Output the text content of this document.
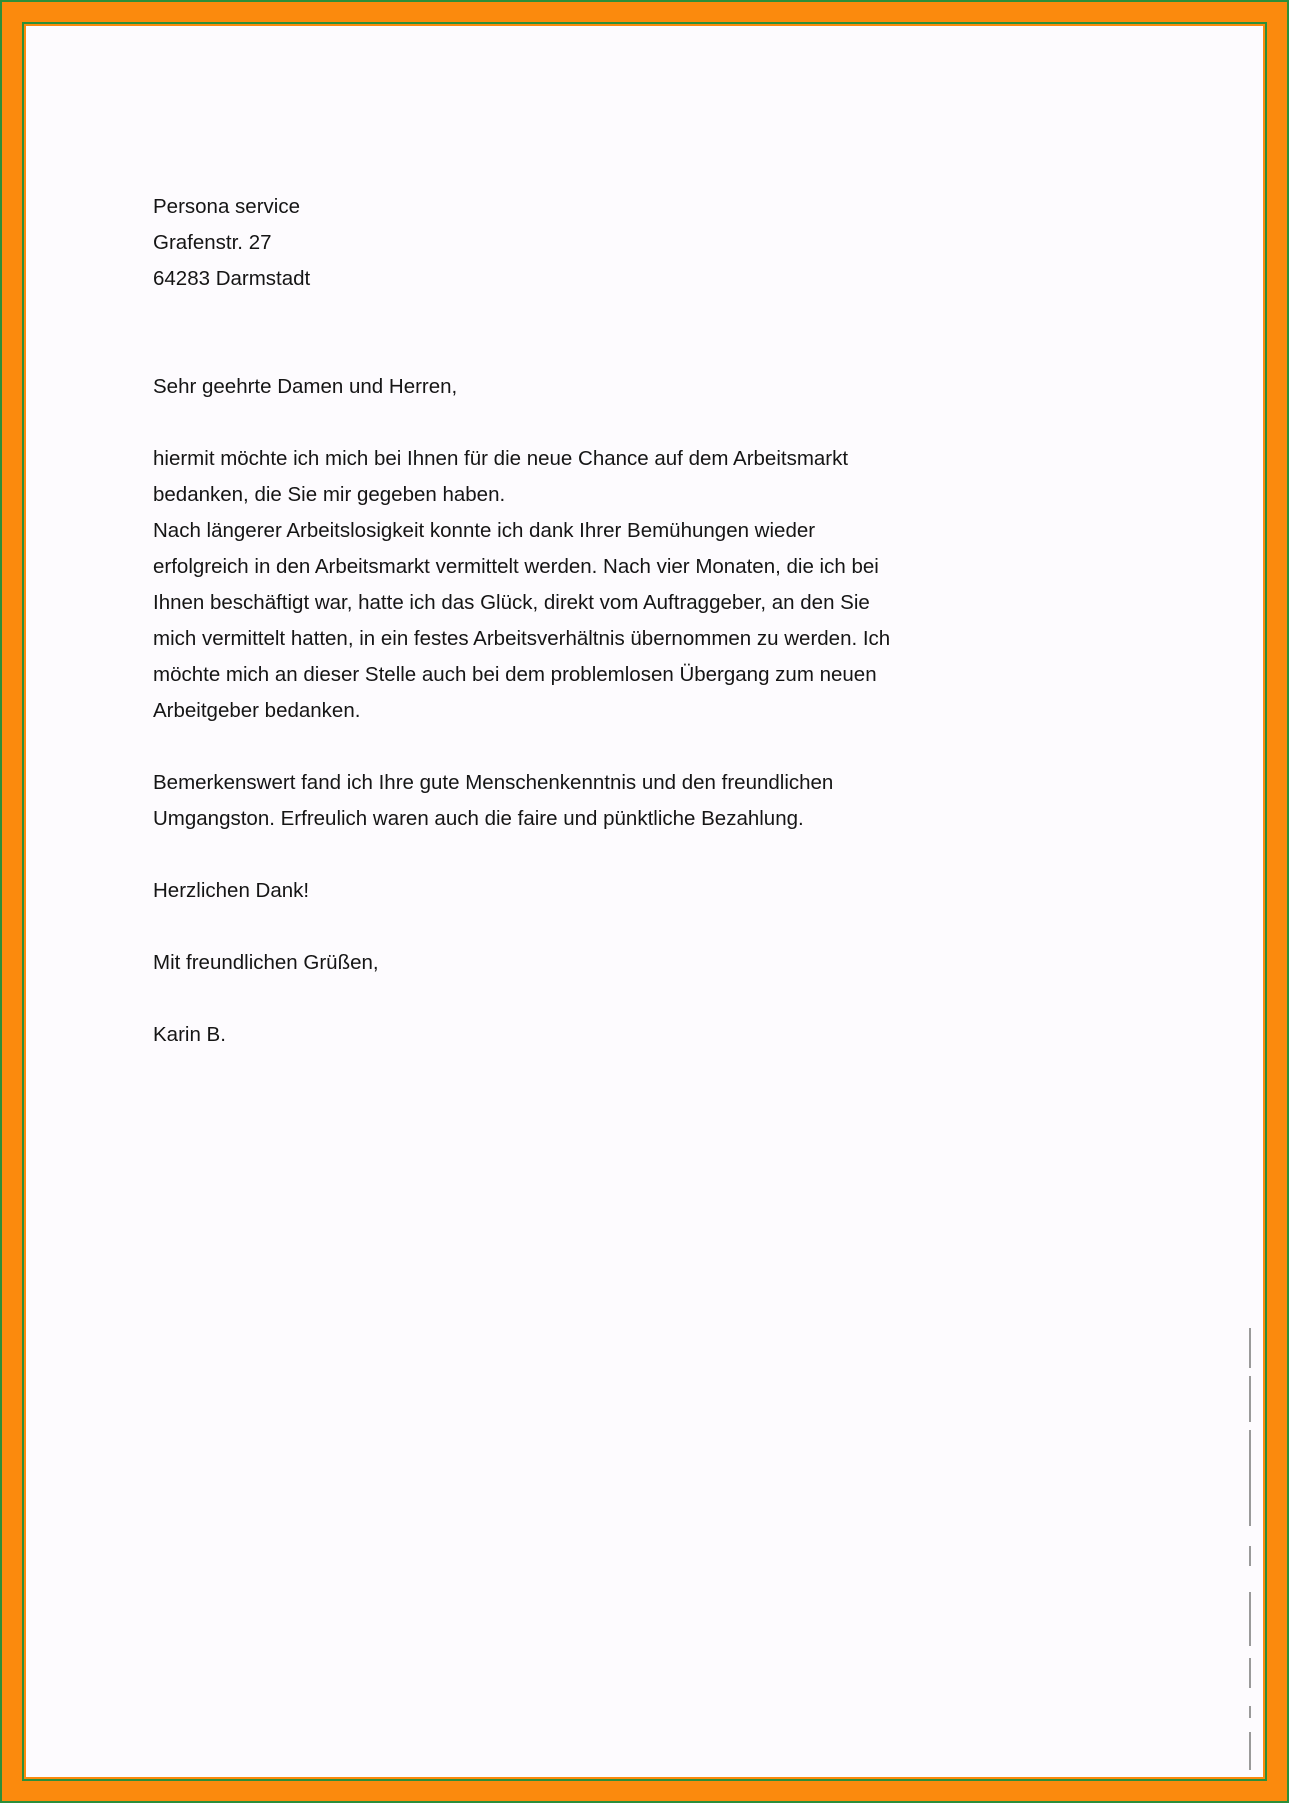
Persona service
Grafenstr. 27
64283 Darmstadt
Sehr geehrte Damen und Herren,
hiermit möchte ich mich bei Ihnen für die neue Chance auf dem Arbeitsmarkt
bedanken, die Sie mir gegeben haben.
Nach längerer Arbeitslosigkeit konnte ich dank Ihrer Bemühungen wieder
erfolgreich in den Arbeitsmarkt vermittelt werden. Nach vier Monaten, die ich bei
Ihnen beschäftigt war, hatte ich das Glück, direkt vom Auftraggeber, an den Sie
mich vermittelt hatten, in ein festes Arbeitsverhältnis übernommen zu werden. Ich
möchte mich an dieser Stelle auch bei dem problemlosen Übergang zum neuen
Arbeitgeber bedanken.
Bemerkenswert fand ich Ihre gute Menschenkenntnis und den freundlichen
Umgangston. Erfreulich waren auch die faire und pünktliche Bezahlung.
Herzlichen Dank!
Mit freundlichen Grüßen,
Karin B.
